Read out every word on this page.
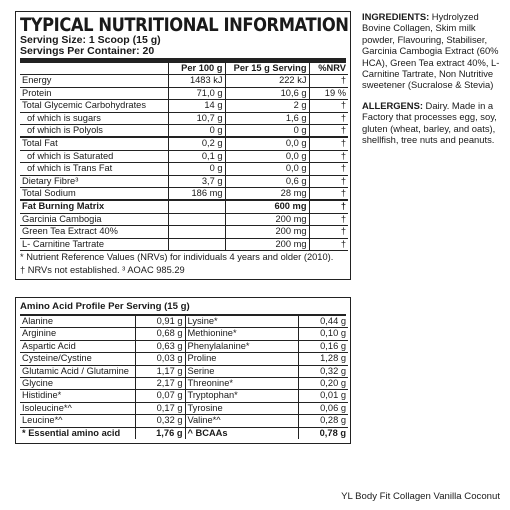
TYPICAL NUTRITIONAL INFORMATION
Serving Size: 1 Scoop (15 g)
Servings Per Container: 20
	Per 100 g	Per 15 g Serving	%NRV
Energy	1483 kJ	222 kJ	†
Protein	71,0 g	10,6 g	19 %
Total Glycemic Carbohydrates	14 g	2 g	†
of which is sugars	10,7 g	1,6 g	†
of which is Polyols	0 g	0 g	†
Total Fat	0,2 g	0,0 g	†
of which is Saturated	0,1 g	0,0 g	†
of which is Trans Fat	0 g	0,0 g	†
Dietary Fibre³	3,7 g	0,6 g	†
Total Sodium	186 mg	28 mg	†
Fat Burning Matrix		600 mg	†
Garcinia Cambogia		200 mg	†
Green Tea Extract 40%		200 mg	†
L- Carnitine Tartrate		200 mg	†
* Nutrient Reference Values (NRVs) for individuals 4 years and older (2010).
† NRVs not established. ³ AOAC 985.29

INGREDIENTS: Hydrolyzed Bovine Collagen, Skim milk powder, Flavouring, Stabiliser, Garcinia Cambogia Extract (60% HCA), Green Tea extract 40%, L- Carnitine Tartrate, Non Nutritive sweetener (Sucralose & Stevia)

ALLERGENS: Dairy. Made in a Factory that processes egg, soy, gluten (wheat, barley, and oats), shellfish, tree nuts and peanuts.

Amino Acid Profile Per Serving (15 g)
Alanine	0,91 g	Lysine*	0,44 g
Arginine	0,68 g	Methionine*	0,10 g
Aspartic Acid	0,63 g	Phenylalanine*	0,16 g
Cysteine/Cystine	0,03 g	Proline	1,28 g
Glutamic Acid / Glutamine	1,17 g	Serine	0,32 g
Glycine	2,17 g	Threonine*	0,20 g
Histidine*	0,07 g	Tryptophan*	0,01 g
Isoleucine*^	0,17 g	Tyrosine	0,06 g
Leucine*^	0,32 g	Valine*^	0,28 g
* Essential amino acid	1,76 g	^ BCAAs	0,78 g
YL Body Fit Collagen Vanilla Coconut
